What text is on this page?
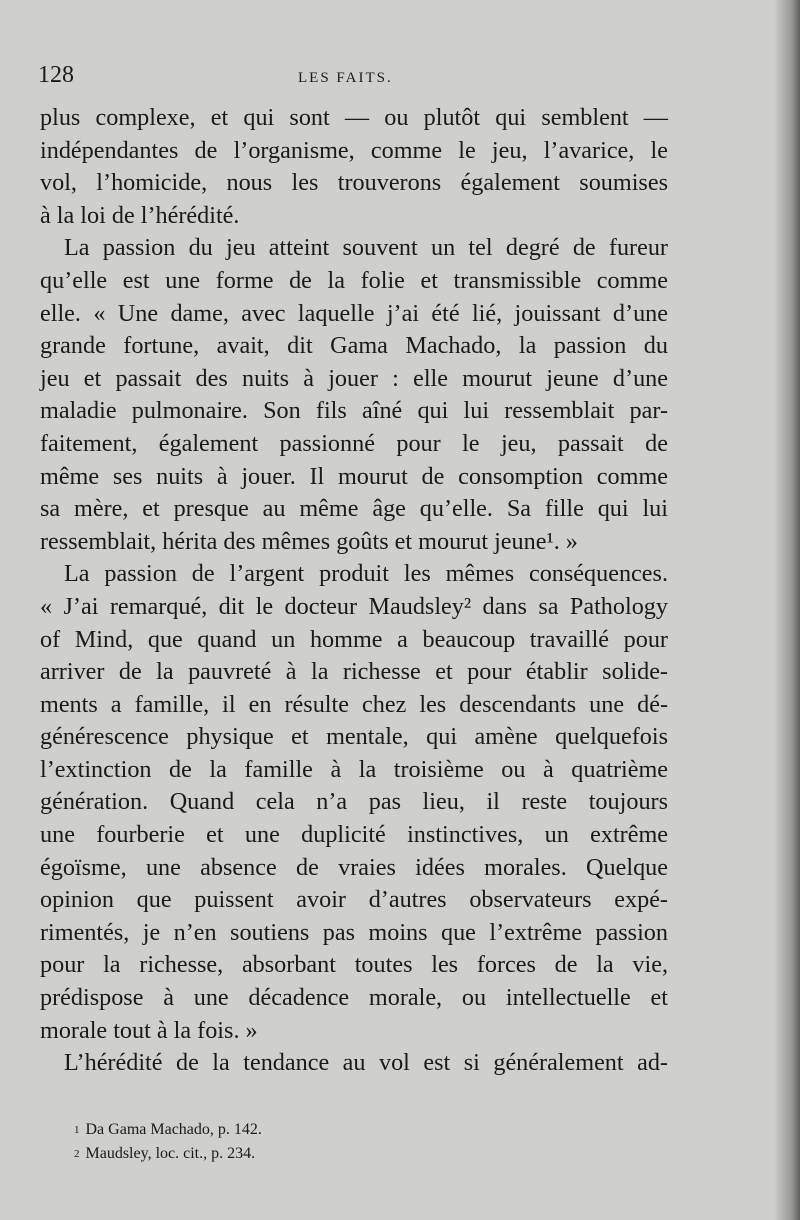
128	LES FAITS.
plus complexe, et qui sont — ou plutôt qui semblent —
indépendantes de l’organisme, comme le jeu, l’avarice, le
vol, l’homicide, nous les trouverons également soumises
à la loi de l’hérédité.
La passion du jeu atteint souvent un tel degré de fureur
qu’elle est une forme de la folie et transmissible comme
elle. « Une dame, avec laquelle j’ai été lié, jouissant d’une
grande fortune, avait, dit Gama Machado, la passion du
jeu et passait des nuits à jouer : elle mourut jeune d’une
maladie pulmonaire. Son fils aîné qui lui ressemblait par-
faitement, également passionné pour le jeu, passait de
même ses nuits à jouer. Il mourut de consomption comme
sa mère, et presque au même âge qu’elle. Sa fille qui lui
ressemblait, hérita des mêmes goûts et mourut jeune¹. »
La passion de l’argent produit les mêmes conséquences.
« J’ai remarqué, dit le docteur Maudsley² dans sa Pathology
of Mind, que quand un homme a beaucoup travaillé pour
arriver de la pauvreté à la richesse et pour établir solide-
ments a famille, il en résulte chez les descendants une dé-
générescence physique et mentale, qui amène quelquefois
l’extinction de la famille à la troisième ou à quatrième
génération. Quand cela n’a pas lieu, il reste toujours
une fourberie et une duplicité instinctives, un extrême
égoïsme, une absence de vraies idées morales. Quelque
opinion que puissent avoir d’autres observateurs expé-
rimentés, je n’en soutiens pas moins que l’extrême passion
pour la richesse, absorbant toutes les forces de la vie,
prédispose à une décadence morale, ou intellectuelle et
morale tout à la fois. »
L’hérédité de la tendance au vol est si généralement ad-
$^1$ Da Gama Machado, p. 142.
$^2$ Maudsley, loc. cit., p. 234.
